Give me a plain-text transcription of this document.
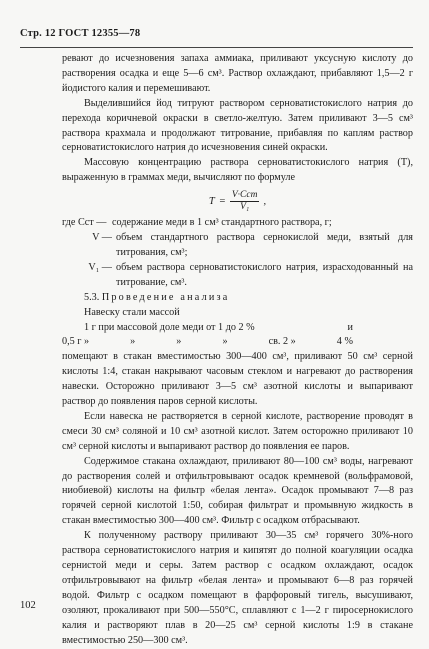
Стр. 12 ГОСТ 12355—78

ревают до исчезновения запаха аммиака, приливают уксусную кислоту до растворения осадка и еще 5—6 см³. Раствор охлаждают, прибавляют 1,5—2 г йодистого калия и перемешивают.

Выделившийся йод титруют раствором серноватистокислого натрия до перехода коричневой окраски в светло-желтую. Затем приливают 3—5 см³ раствора крахмала и продолжают титрование, прибавляя по каплям раствор серноватистокислого натрия до исчезновения синей окраски.

Массовую концентрацию раствора серноватистокислого натрия (T), выраженную в граммах меди, вычисляют по формуле

$T = \frac{\text{V·Cст}}{\text{V₁}}$ ,
где Cст — содержание меди в 1 см³ стандартного раствора, г;
V — объем стандартного раствора сернокислой меди, взятый для титрования, см³;
V₁ — объем раствора серноватистокислого натрия, израсходованный на титрование, см³.
5.3. Проведение анализа
Навеску стали массой
1 г при массовой доле меди от 1 до 2 %	и
0,5 г »	»	»	»	св. 2 »	4 %

помещают в стакан вместимостью 300—400 см³, приливают 50 см³ серной кислоты 1:4, стакан накрывают часовым стеклом и нагревают до растворения навески. Осторожно приливают 3—5 см³ азотной кислоты и выпаривают раствор до появления паров серной кислоты.

Если навеска не растворяется в серной кислоте, растворение проводят в смеси 30 см³ соляной и 10 см³ азотной кислот. Затем осторожно приливают 10 см³ серной кислоты и выпаривают раствор до появления ее паров.

Содержимое стакана охлаждают, приливают 80—100 см³ воды, нагревают до растворения солей и отфильтровывают осадок кремневой (вольфрамовой, ниобиевой) кислоты на фильтр «белая лента». Осадок промывают 7—8 раз горячей серной кислотой 1:50, собирая фильтрат и промывную жидкость в стакан вместимостью 300—400 см³. Фильтр с осадком отбрасывают.

К полученному раствору приливают 30—35 см³ горячего 30%-ного раствора серноватистокислого натрия и кипятят до полной коагуляции осадка сернистой меди и серы. Затем раствор с осадком охлаждают, осадок отфильтровывают на фильтр «белая лента» и промывают 6—8 раз горячей водой. Фильтр с осадком помещают в фарфоровый тигель, высушивают, озоляют, прокаливают при 500—550°С, сплавляют с 1—2 г пиросернокислого калия и растворяют плав в 20—25 см³ серной кислоты 1:9 в стакане вместимостью 250—300 см³.

102
